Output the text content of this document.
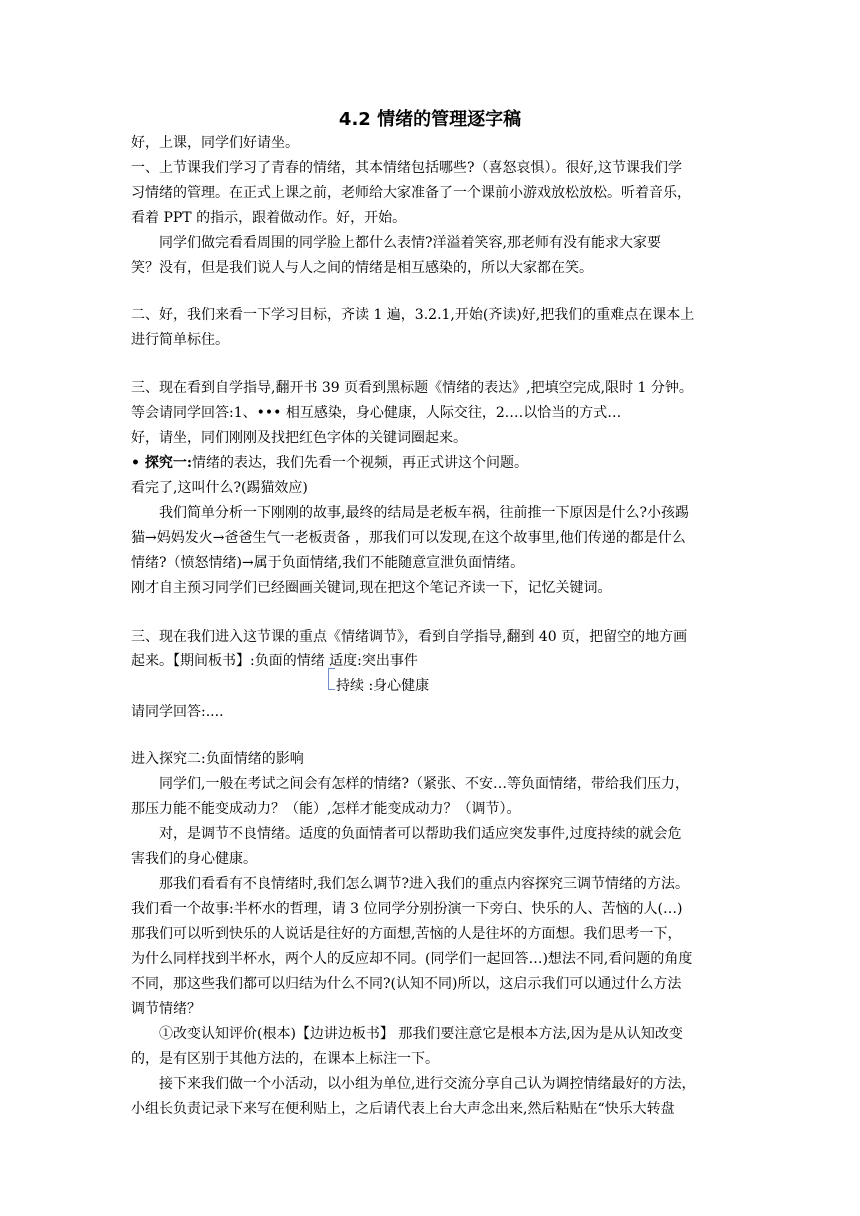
4.2 情绪的管理逐字稿
好，上课，同学们好请坐。
一、上节课我们学习了青春的情绪，其本情绪包括哪些?（喜怒哀惧）。很好,这节课我们学
习情绪的管理。在正式上课之前，老师给大家准备了一个课前小游戏放松放松。听着音乐，
看着 PPT 的指示，跟着做动作。好，开始。
同学们做完看看周围的同学脸上都什么表情?洋溢着笑容,那老师有没有能求大家要
笑？没有，但是我们说人与人之间的情绪是相互感染的，所以大家都在笑。
二、好，我们来看一下学习目标，齐读 1 遍，3.2.1,开始(齐读)好,把我们的重难点在课本上
进行简单标住。
三、现在看到自学指导,翻开书 39 页看到黑标题《情绪的表达》,把填空完成,限时 1 分钟。
等会请同学回答:1、••• 相互感染，身心健康，人际交往，2.…以恰当的方式…
好，请坐，同们刚刚及找把红色字体的关键词圈起来。
• 探究一:情绪的表达，我们先看一个视频，再正式讲这个问题。
看完了,这叫什么?(踢猫效应)
我们简单分析一下刚刚的故事,最终的结局是老板车祸，往前推一下原因是什么?小孩踢
猫→妈妈发火→爸爸生气一老板责备 ，那我们可以发现,在这个故事里,他们传递的都是什么
情绪?（愤怒情绪)→属于负面情绪,我们不能随意宣泄负面情绪。
刚才自主预习同学们已经圈画关键词,现在把这个笔记齐读一下，记忆关键词。
三、现在我们进入这节课的重点《情绪调节》，看到自学指导,翻到 40 页，把留空的地方画
起来。【期间板书】:负面的情绪 适度:突出事件
持续 :身心健康
请同学回答:....
进入探究二:负面情绪的影响
同学们,一般在考试之间会有怎样的情绪?（紧张、不安…等负面情绪，带给我们压力，
那压力能不能变成动力？（能）,怎样才能变成动力？（调节）。
对，是调节不良情绪。适度的负面情者可以帮助我们适应突发事件,过度持续的就会危
害我们的身心健康。
那我们看看有不良情绪时,我们怎么调节?进入我们的重点内容探究三调节情绪的方法。
我们看一个故事:半杯水的哲理，请 3 位同学分别扮演一下旁白、快乐的人、苦恼的人(…)
那我们可以听到快乐的人说话是往好的方面想,苦恼的人是往坏的方面想。我们思考一下，
为什么同样找到半杯水，两个人的反应却不同。(同学们一起回答…)想法不同,看问题的角度
不同，那这些我们都可以归结为什么不同?(认知不同)所以，这启示我们可以通过什么方法
调节情绪？
①改变认知评价(根本)【边讲边板书】 那我们要注意它是根本方法,因为是从认知改变
的，是有区别于其他方法的，在课本上标注一下。
接下来我们做一个小活动，以小组为单位,进行交流分享自己认为调控情绪最好的方法，
小组长负责记录下来写在便利贴上，之后请代表上台大声念出来,然后粘贴在“快乐大转盘
